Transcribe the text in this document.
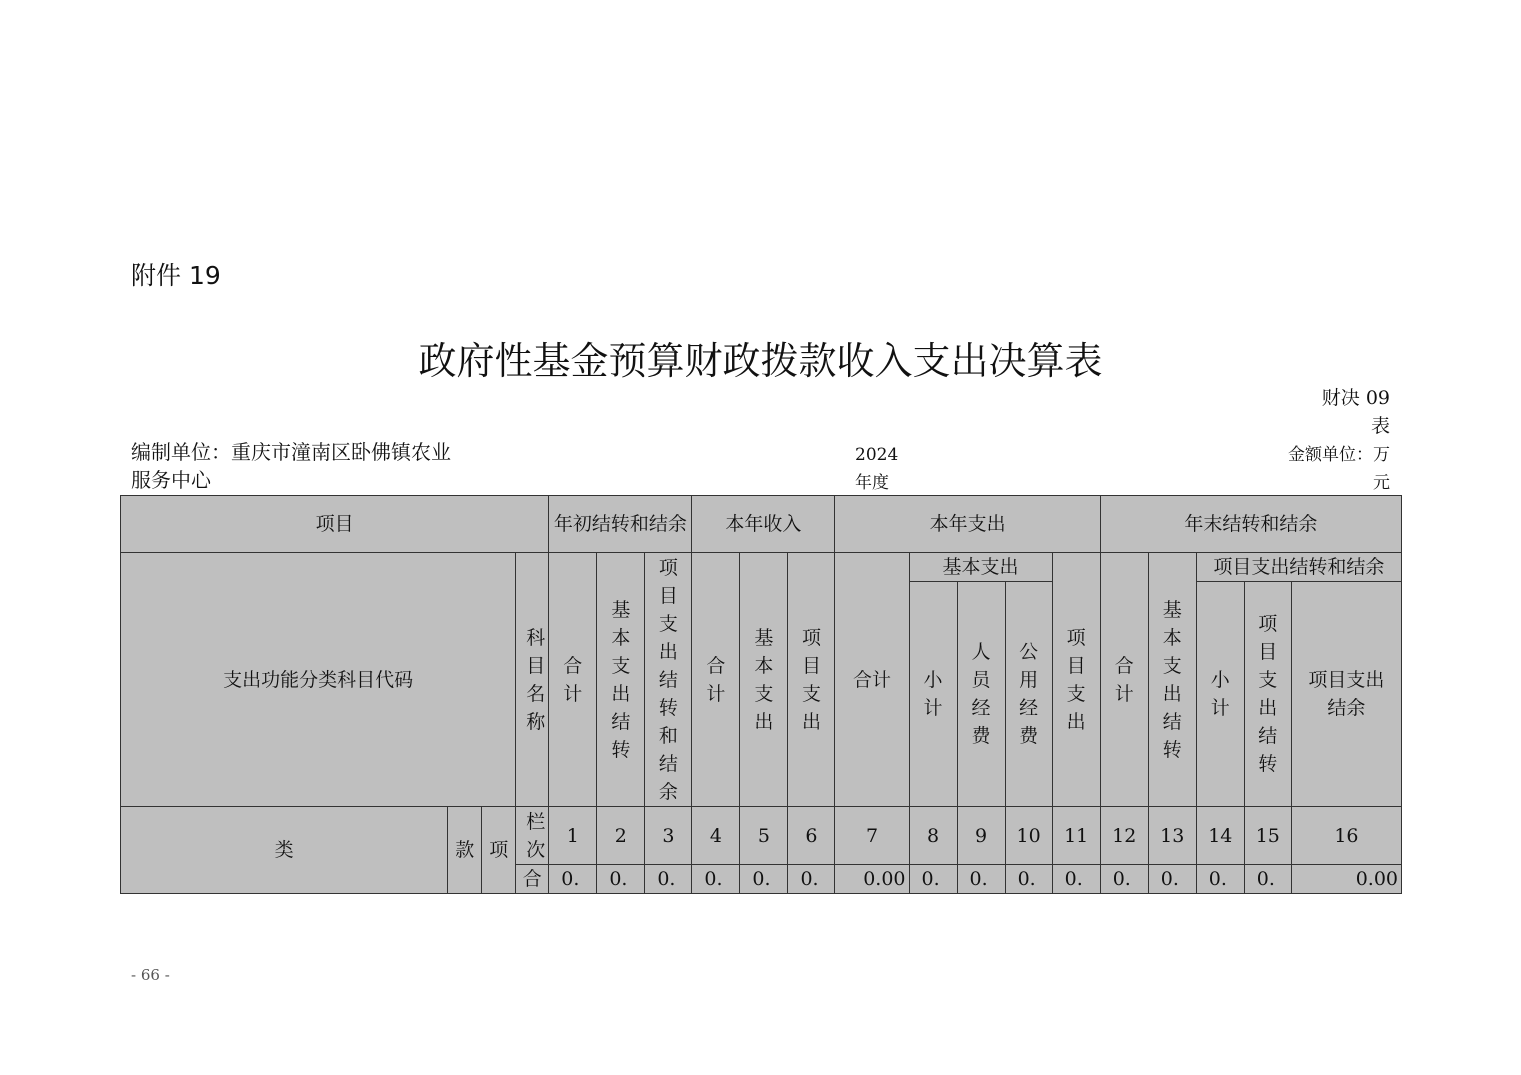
附件 19
政府性基金预算财政拨款收入支出决算表
财决 09 表
编制单位：重庆市潼南区卧佛镇农业服务中心
2024 年度
金额单位：万元
项目				年初结转和结余			本年收入			本年支出					年末结转和结余				
支出功能分类科目代码			科目名称	合计	基本支出结转	项目支出结转和结余	合计	基本支出	项目支出	合计	基本支出			项目支出	合计	基本支出结转	项目支出结转和结余		
											小计	人员经费	公用经费				小计	项目支出结转	项目支出结余
类	款	项	栏次	1	2	3	4	5	6	7	8	9	10	11	12	13	14	15	16
			合	0.	0.	0.	0.	0.	0.	0.00	0.	0.	0.	0.	0.	0.	0.	0.	0.00
- 66 -
